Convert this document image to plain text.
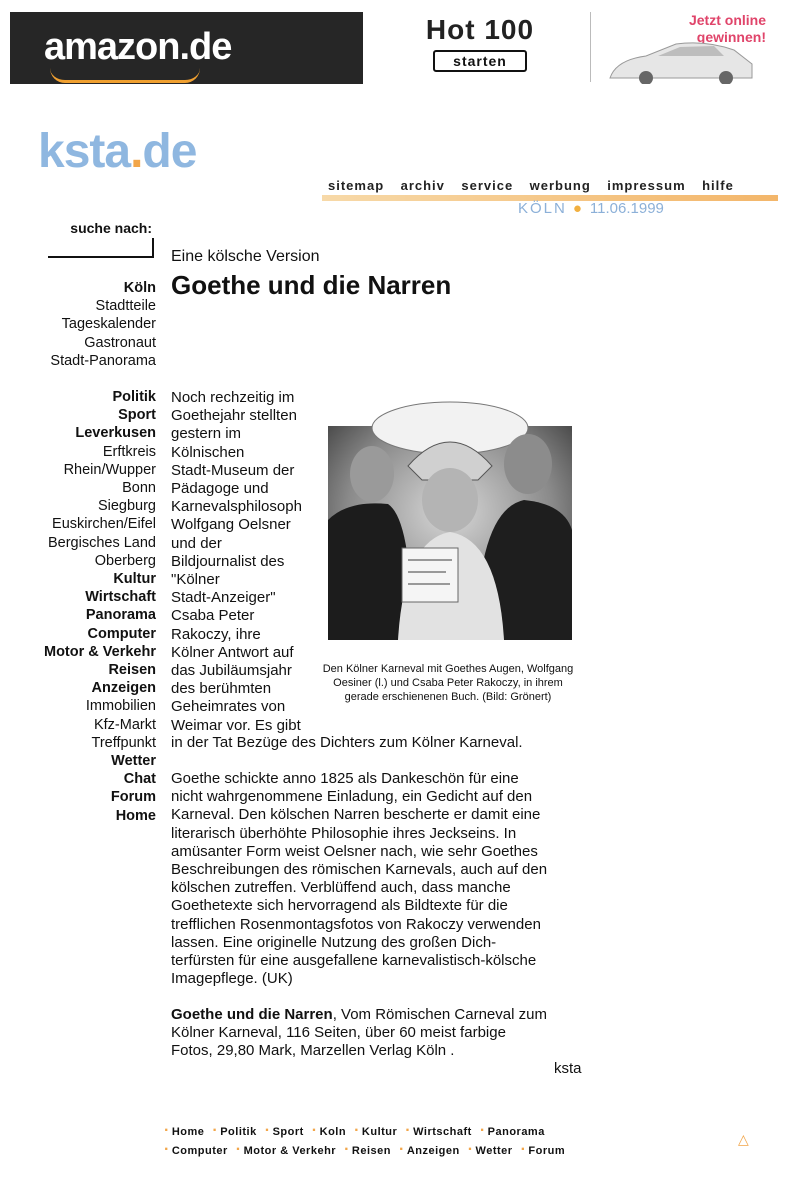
amazon.de	Hot 100
starten
Jetzt online
gewinnen!
ksta.de
sitemap archiv service werbung impressum hilfe
KÖLN ● 11.06.1999
suche nach:
Köln
Stadtteile
Tageskalender
Gastronaut
Stadt-Panorama
Politik
Sport
Leverkusen
Erftkreis
Rhein/Wupper
Bonn
Siegburg
Euskirchen/Eifel
Bergisches Land
Oberberg
Kultur
Wirtschaft
Panorama
Computer
Motor & Verkehr
Reisen
Anzeigen
Immobilien
Kfz-Markt
Treffpunkt
Wetter
Chat
Forum
Home
Eine kölsche Version
Goethe und die Narren
Noch rechzeitig im
Goethejahr stellten
gestern im
Kölnischen
Stadt-Museum der
Pädagoge und
Karnevalsphilosoph
Wolfgang Oelsner
und der
Bildjournalist des
"Kölner
Stadt-Anzeiger"
Csaba Peter
Rakoczy, ihre
Kölner Antwort auf
das Jubiläumsjahr
des berühmten
Geheimrates von
Weimar vor. Es gibt
Den Kölner Karneval mit Goethes Augen, Wolfgang Oesiner (l.) und Csaba Peter Rakoczy, in ihrem gerade erschienenen Buch. (Bild: Grönert)
in der Tat Bezüge des Dichters zum Kölner Karneval.
Goethe schickte anno 1825 als Dankeschön für eine
nicht wahrgenommene Einladung, ein Gedicht auf den
Karneval. Den kölschen Narren bescherte er damit eine
literarisch überhöhte Philosophie ihres Jeckseins. In
amüsanter Form weist Oelsner nach, wie sehr Goethes
Beschreibungen des römischen Karnevals, auch auf den
kölschen zutreffen. Verblüffend auch, dass manche
Goethetexte sich hervorragend als Bildtexte für die
trefflichen Rosenmontagsfotos von Rakoczy verwenden
lassen. Eine originelle Nutzung des großen Dich-
terfürsten für eine ausgefallene karnevalistisch-kölsche
Imagepflege. (UK)
Goethe und die Narren, Vom Römischen Carneval zum
Kölner Karneval, 116 Seiten, über 60 meist farbige
Fotos, 29,80 Mark, Marzellen Verlag Köln .
ksta
· Home · Politik · Sport · Koln · Kultur · Wirtschaft · Panorama
· Computer · Motor & Verkehr · Reisen · Anzeigen · Wetter · Forum
△
